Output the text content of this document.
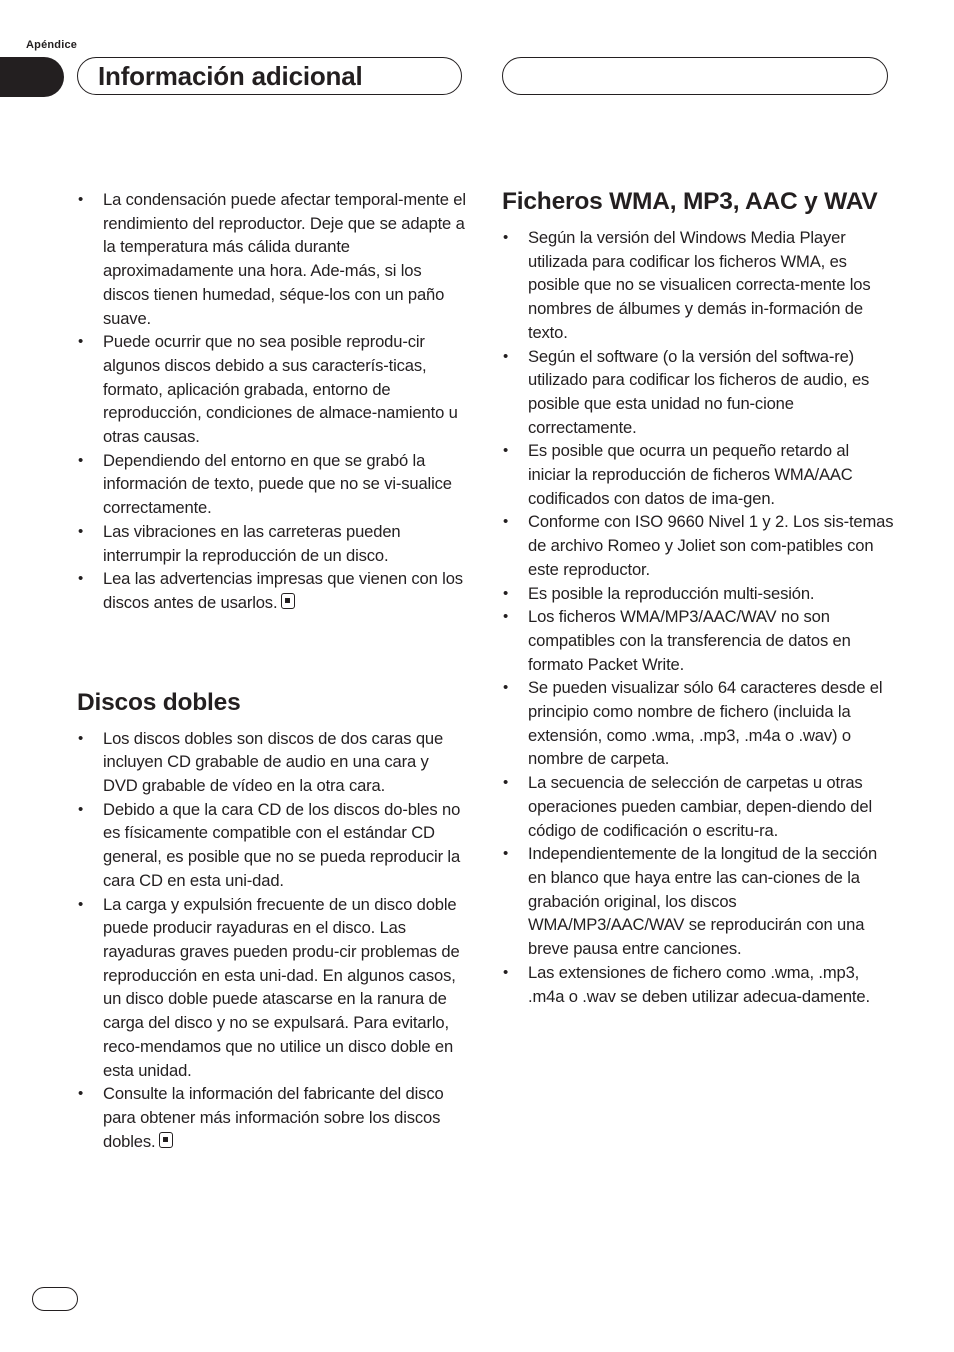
Apéndice
Información adicional
• La condensación puede afectar temporal-mente el rendimiento del reproductor. Deje que se adapte a la temperatura más cálida durante aproximadamente una hora. Ade-más, si los discos tienen humedad, séque-los con un paño suave.
• Puede ocurrir que no sea posible reprodu-cir algunos discos debido a sus caracterís-ticas, formato, aplicación grabada, entorno de reproducción, condiciones de almace-namiento u otras causas.
• Dependiendo del entorno en que se grabó la información de texto, puede que no se vi-sualice correctamente.
• Las vibraciones en las carreteras pueden interrumpir la reproducción de un disco.
• Lea las advertencias impresas que vienen con los discos antes de usarlos.
Discos dobles
• Los discos dobles son discos de dos caras que incluyen CD grabable de audio en una cara y DVD grabable de vídeo en la otra cara.
• Debido a que la cara CD de los discos do-bles no es físicamente compatible con el estándar CD general, es posible que no se pueda reproducir la cara CD en esta uni-dad.
• La carga y expulsión frecuente de un disco doble puede producir rayaduras en el disco. Las rayaduras graves pueden produ-cir problemas de reproducción en esta uni-dad. En algunos casos, un disco doble puede atascarse en la ranura de carga del disco y no se expulsará. Para evitarlo, reco-mendamos que no utilice un disco doble en esta unidad.
• Consulte la información del fabricante del disco para obtener más información sobre los discos dobles.
Ficheros WMA, MP3, AAC y WAV
• Según la versión del Windows Media Player utilizada para codificar los ficheros WMA, es posible que no se visualicen correcta-mente los nombres de álbumes y demás in-formación de texto.
• Según el software (o la versión del softwa-re) utilizado para codificar los ficheros de audio, es posible que esta unidad no fun-cione correctamente.
• Es posible que ocurra un pequeño retardo al iniciar la reproducción de ficheros WMA/AAC codificados con datos de ima-gen.
• Conforme con ISO 9660 Nivel 1 y 2. Los sis-temas de archivo Romeo y Joliet son com-patibles con este reproductor.
• Es posible la reproducción multi-sesión.
• Los ficheros WMA/MP3/AAC/WAV no son compatibles con la transferencia de datos en formato Packet Write.
• Se pueden visualizar sólo 64 caracteres desde el principio como nombre de fichero (incluida la extensión, como .wma, .mp3, .m4a o .wav) o nombre de carpeta.
• La secuencia de selección de carpetas u otras operaciones pueden cambiar, depen-diendo del código de codificación o escritu-ra.
• Independientemente de la longitud de la sección en blanco que haya entre las can-ciones de la grabación original, los discos WMA/MP3/AAC/WAV se reproducirán con una breve pausa entre canciones.
• Las extensiones de fichero como .wma, .mp3, .m4a o .wav se deben utilizar adecua-damente.
